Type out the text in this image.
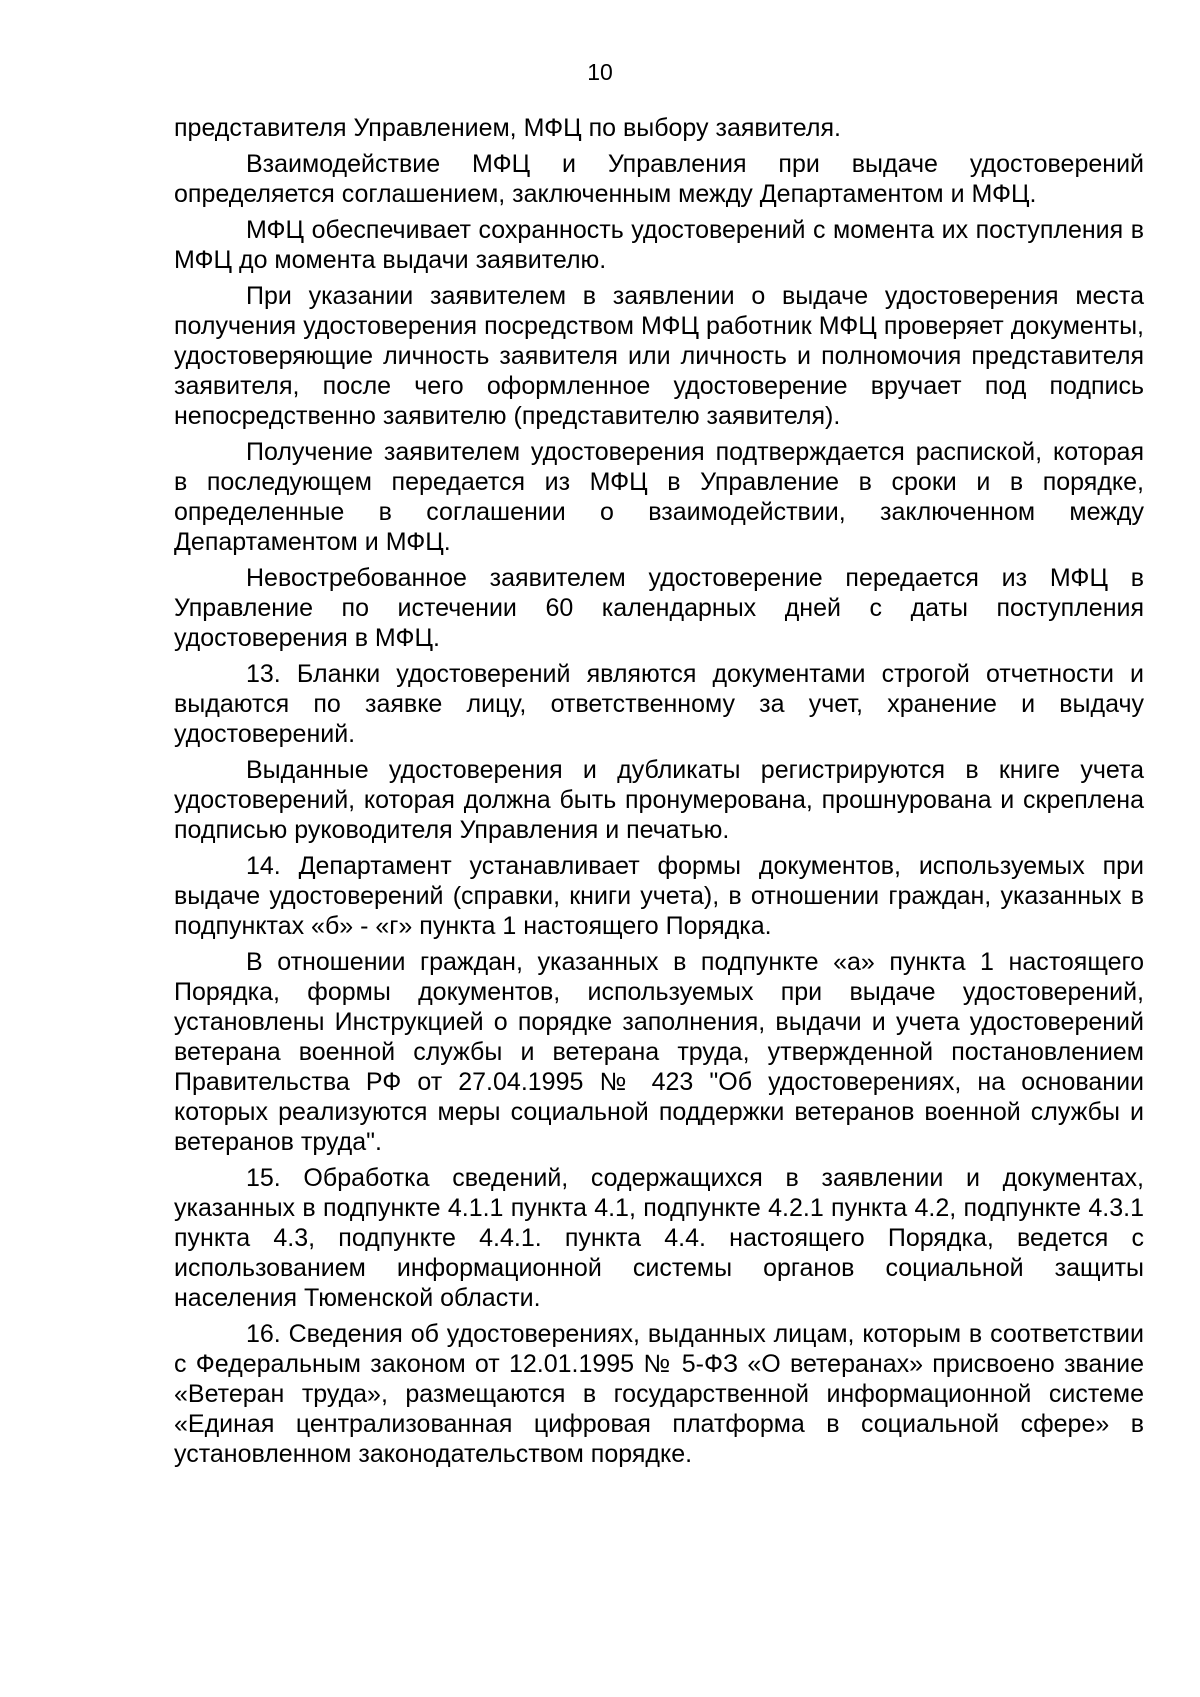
10

представителя Управлением, МФЦ по выбору заявителя.

Взаимодействие МФЦ и Управления при выдаче удостоверений определяется соглашением, заключенным между Департаментом и МФЦ.

МФЦ обеспечивает сохранность удостоверений с момента их поступления в МФЦ до момента выдачи заявителю.

При указании заявителем в заявлении о выдаче удостоверения места получения удостоверения посредством МФЦ работник МФЦ проверяет документы, удостоверяющие личность заявителя или личность и полномочия представителя заявителя, после чего оформленное удостоверение вручает под подпись непосредственно заявителю (представителю заявителя).

Получение заявителем удостоверения подтверждается распиской, которая в последующем передается из МФЦ в Управление в сроки и в порядке, определенные в соглашении о взаимодействии, заключенном между Департаментом и МФЦ.

Невостребованное заявителем удостоверение передается из МФЦ в Управление по истечении 60 календарных дней с даты поступления удостоверения в МФЦ.

13. Бланки удостоверений являются документами строгой отчетности и выдаются по заявке лицу, ответственному за учет, хранение и выдачу удостоверений.

Выданные удостоверения и дубликаты регистрируются в книге учета удостоверений, которая должна быть пронумерована, прошнурована и скреплена подписью руководителя Управления и печатью.

14. Департамент устанавливает формы документов, используемых при выдаче удостоверений (справки, книги учета), в отношении граждан, указанных в подпунктах «б» - «г» пункта 1 настоящего Порядка.

В отношении граждан, указанных в подпункте «а» пункта 1 настоящего Порядка, формы документов, используемых при выдаче удостоверений, установлены Инструкцией о порядке заполнения, выдачи и учета удостоверений ветерана военной службы и ветерана труда, утвержденной постановлением Правительства РФ от 27.04.1995 № 423 "Об удостоверениях, на основании которых реализуются меры социальной поддержки ветеранов военной службы и ветеранов труда".

15. Обработка сведений, содержащихся в заявлении и документах, указанных в подпункте 4.1.1 пункта 4.1, подпункте 4.2.1 пункта 4.2, подпункте 4.3.1 пункта 4.3, подпункте 4.4.1. пункта 4.4. настоящего Порядка, ведется с использованием информационной системы органов социальной защиты населения Тюменской области.

16. Сведения об удостоверениях, выданных лицам, которым в соответствии с Федеральным законом от 12.01.1995 № 5-ФЗ «О ветеранах» присвоено звание «Ветеран труда», размещаются в государственной информационной системе «Единая централизованная цифровая платформа в социальной сфере» в установленном законодательством порядке.
